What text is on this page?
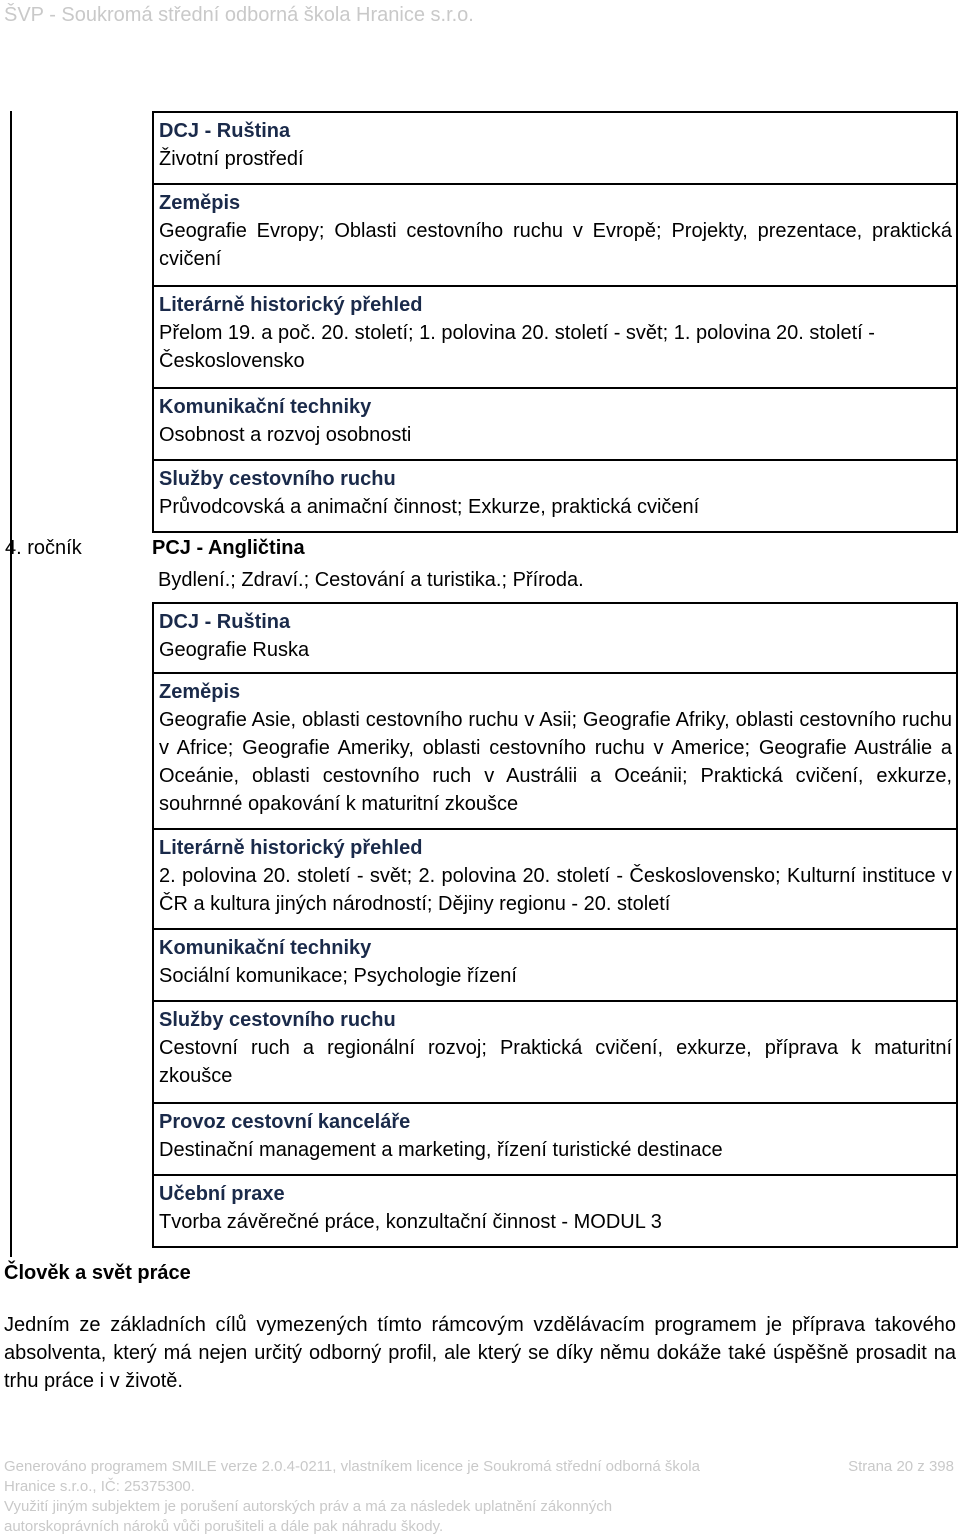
ŠVP - Soukromá střední odborná škola Hranice s.r.o.
DCJ - Ruština
Životní prostředí
Zeměpis
Geografie Evropy; Oblasti cestovního ruchu v Evropě; Projekty, prezentace, praktická cvičení
Literárně historický přehled
Přelom 19. a poč. 20. století; 1. polovina 20. století - svět; 1. polovina 20. století - Československo
Komunikační techniky
Osobnost a rozvoj osobnosti
Služby cestovního ruchu
Průvodcovská a animační činnost; Exkurze, praktická cvičení
4. ročník	PCJ - Angličtina
Bydlení.; Zdraví.; Cestování a turistika.; Příroda.
DCJ - Ruština
Geografie Ruska
Zeměpis
Geografie Asie, oblasti cestovního ruchu v Asii; Geografie Afriky, oblasti cestovního ruchu v Africe; Geografie Ameriky, oblasti cestovního ruchu v Americe; Geografie Austrálie a Oceánie, oblasti cestovního ruch v Austrálii a Oceánii; Praktická cvičení, exkurze, souhrnné opakování k maturitní zkoušce
Literárně historický přehled
2. polovina 20. století - svět; 2. polovina 20. století - Československo; Kulturní instituce v ČR a kultura jiných národností; Dějiny regionu - 20. století
Komunikační techniky
Sociální komunikace; Psychologie řízení
Služby cestovního ruchu
Cestovní ruch a regionální rozvoj; Praktická cvičení, exkurze, příprava k maturitní zkoušce
Provoz cestovní kanceláře
Destinační management a marketing, řízení turistické destinace
Učební praxe
Tvorba závěrečné práce, konzultační činnost - MODUL 3
Člověk a svět práce
Jedním ze základních cílů vymezených tímto rámcovým vzdělávacím programem je příprava takového absolventa, který má nejen určitý odborný profil, ale který se díky němu dokáže také úspěšně prosadit na trhu práce i v životě.
Generováno programem SMILE verze 2.0.4-0211, vlastníkem licence je Soukromá střední odborná škola
Hranice s.r.o., IČ: 25375300.
Využití jiným subjektem je porušení autorských práv a má za následek uplatnění zákonných
autorskoprávních nároků vůči porušiteli a dále pak náhradu škody.
Strana 20 z 398
